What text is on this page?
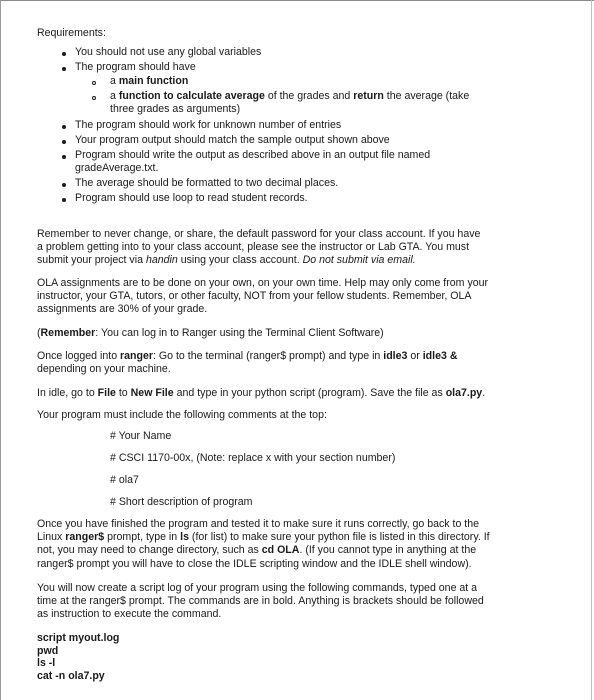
Requirements:
You should not use any global variables
The program should have
a main function
a function to calculate average of the grades and return the average (take
three grades as arguments)
The program should work for unknown number of entries
Your program output should match the sample output shown above
Program should write the output as described above in an output file named
gradeAverage.txt.
The average should be formatted to two decimal places.
Program should use loop to read student records.
Remember to never change, or share, the default password for your class account. If you have
a problem getting into to your class account, please see the instructor or Lab GTA. You must
submit your project via handin using your class account. Do not submit via email.
OLA assignments are to be done on your own, on your own time. Help may only come from your
instructor, your GTA, tutors, or other faculty, NOT from your fellow students. Remember, OLA
assignments are 30% of your grade.
(Remember: You can log in to Ranger using the Terminal Client Software)
Once logged into ranger: Go to the terminal (ranger$ prompt) and type in idle3 or idle3 &
depending on your machine.
In idle, go to File to New File and type in your python script (program). Save the file as ola7.py.
Your program must include the following comments at the top:
# Your Name
# CSCI 1170-00x, (Note: replace x with your section number)
# ola7
# Short description of program
Once you have finished the program and tested it to make sure it runs correctly, go back to the
Linux ranger$ prompt, type in ls (for list) to make sure your python file is listed in this directory. If
not, you may need to change directory, such as cd OLA. (If you cannot type in anything at the
ranger$ prompt you will have to close the IDLE scripting window and the IDLE shell window).
You will now create a script log of your program using the following commands, typed one at a
time at the ranger$ prompt. The commands are in bold. Anything is brackets should be followed
as instruction to execute the command.
script myout.log
pwd
ls -l
cat -n ola7.py
